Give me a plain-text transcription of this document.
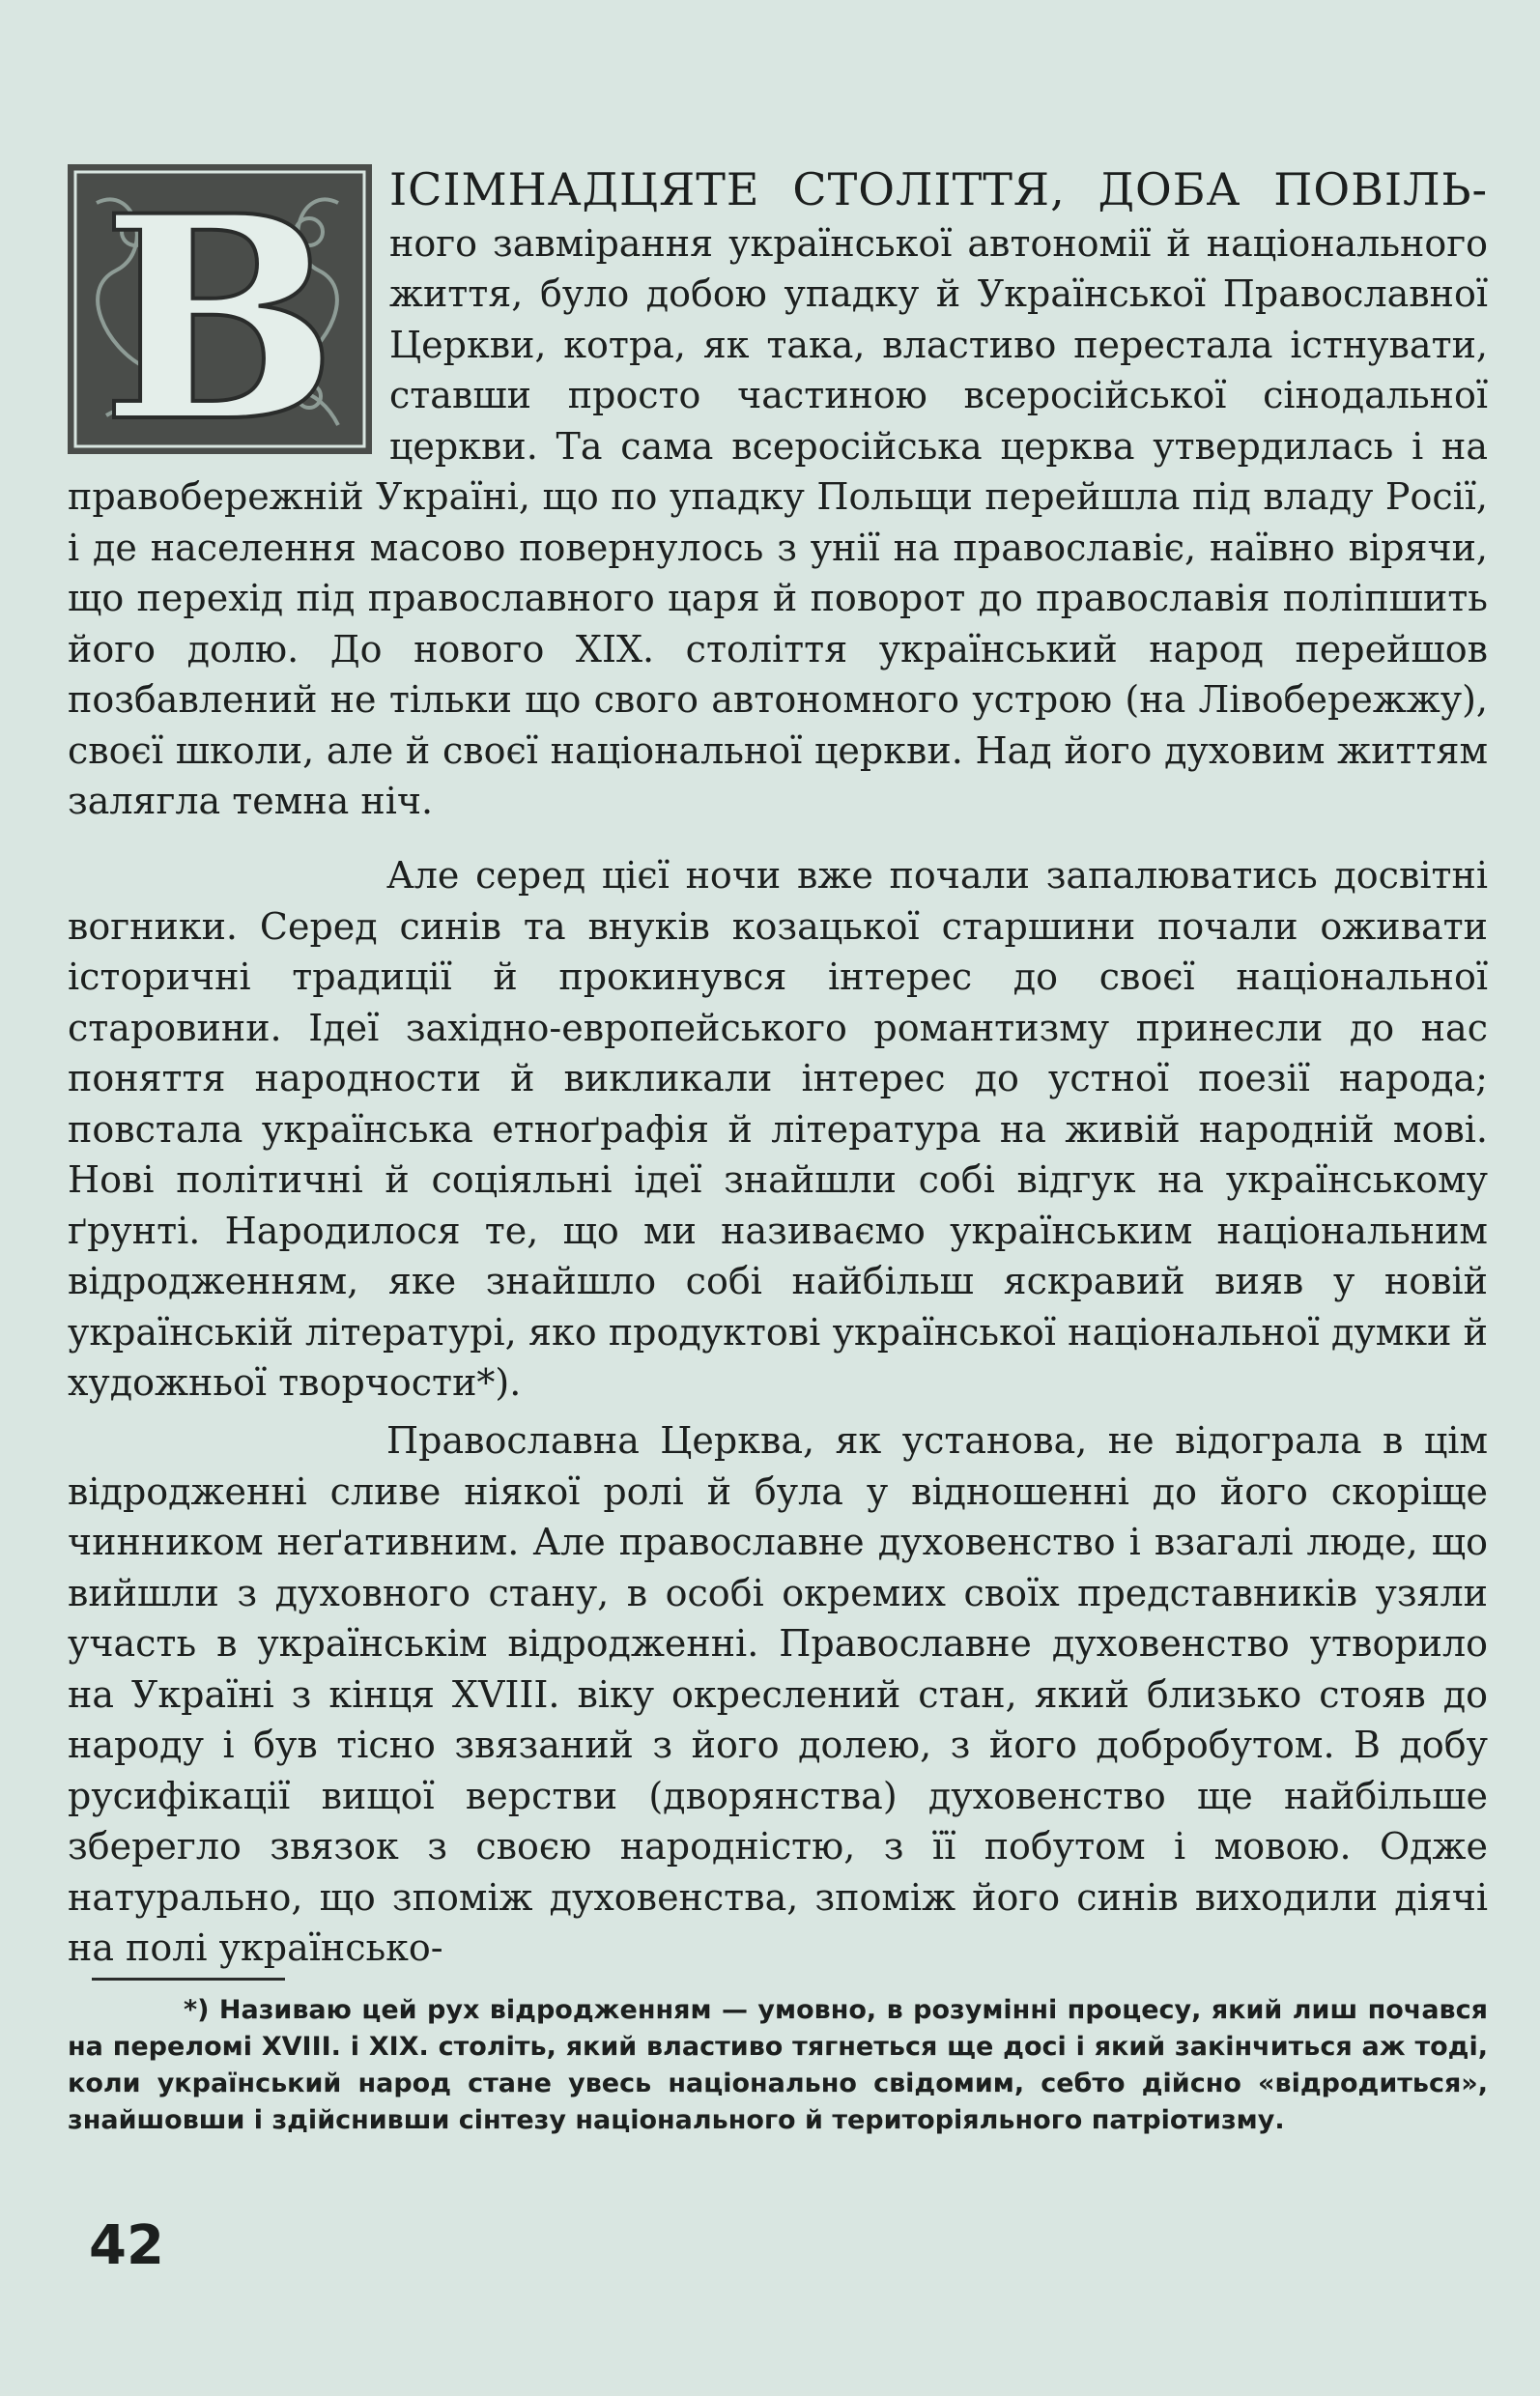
В	ІСІМНАДЦЯТЕ СТОЛІТТЯ, ДОБА ПОВІЛЬ- ного завмірання української автономії й національного життя, було добою упадку й Української Православної Церкви, котра, як така, властиво перестала істнувати, ставши просто частиною всеросійської сінодальної церкви. Та сама всеросійська церква утвердилась і на правобережній Україні, що по упадку Польщи перейшла під владу Росії, і де населення масово повернулось з унії на православіє, наївно вірячи, що перехід під православного царя й поворот до православія поліпшить його долю. До нового XIX. століття український народ перейшов позбавлений не тільки що свого автономного устрою (на Лівобережжу), своєї школи, але й своєї національної церкви. Над його духовим життям залягла темна ніч.

Але серед цієї ночи вже почали запалюватись досвітні вогники. Серед синів та внуків козацької старшини почали оживати історичні традиції й прокинувся інтерес до своєї національної старовини. Ідеї західно-европейського романтизму принесли до нас поняття народности й викликали інтерес до устної поезії народа; повстала українська етноґрафія й література на живій народній мові. Нові політичні й соціяльні ідеї знайшли собі відгук на українському ґрунті. Народилося те, що ми називаємо українським національним відродженням, яке знайшло собі найбільш яскравий вияв у новій українській літературі, яко продуктові української національної думки й художньої творчости*).

Православна Церква, як установа, не відограла в цім відродженні сливе ніякої ролі й була у відношенні до його скоріще чинником неґативним. Але православне духовенство і взагалі люде, що вийшли з духовного стану, в особі окремих своїх представників узяли участь в українськім відродженні. Православне духовенство утворило на Україні з кінця XVIII. віку окреслений стан, який близько стояв до народу і був тісно звязаний з його долею, з його добробутом. В добу русифікації вищої верстви (дворянства) духовенство ще найбільше зберегло звязок з своєю народністю, з її побутом і мовою. Одже натурально, що зпоміж духовенства, зпоміж його синів виходили діячі на полі українсько-

*) Називаю цей рух відродженням — умовно, в розумінні процесу, який лиш почався на переломі XVIII. і XIX. століть, який властиво тягнеться ще досі і який закінчиться аж тоді, коли український народ стане увесь національно свідомим, себто дійсно «відродиться», знайшовши і здійснивши сінтезу національного й територіяльного патріотизму.

42
